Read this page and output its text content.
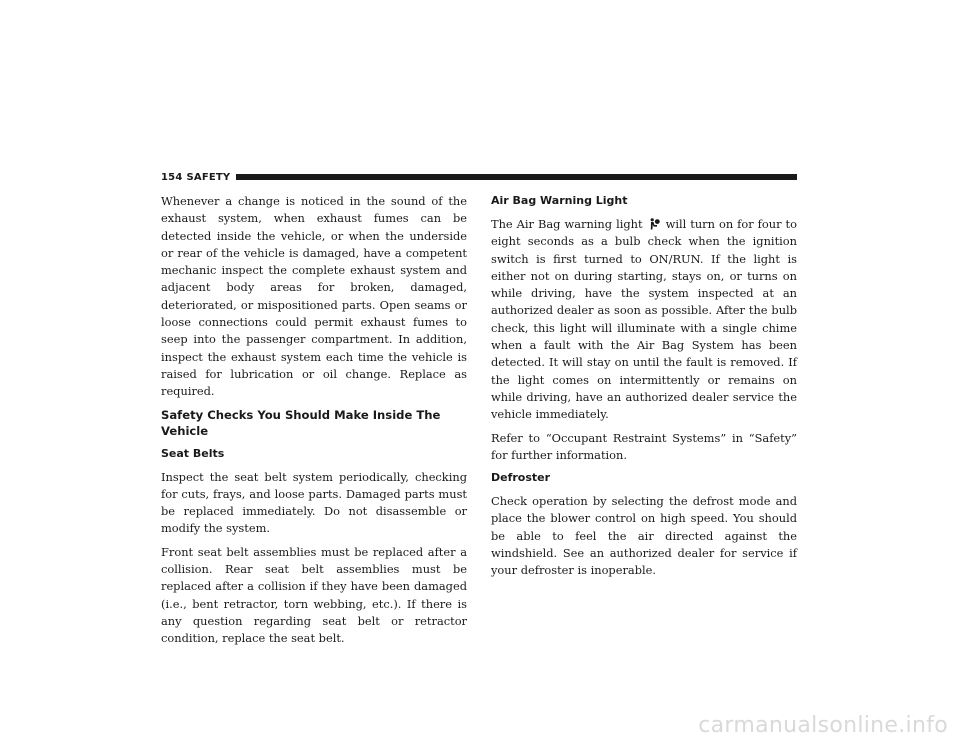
154 SAFETY

Whenever a change is noticed in the sound of the exhaust system, when exhaust fumes can be detected inside the vehicle, or when the underside or rear of the vehicle is damaged, have a competent mechanic inspect the complete exhaust system and adjacent body areas for broken, damaged, deteriorated, or mispositioned parts. Open seams or loose connections could permit exhaust fumes to seep into the passenger compartment. In addition, inspect the exhaust system each time the vehicle is raised for lubrication or oil change. Replace as required.

Safety Checks You Should Make Inside The Vehicle
Seat Belts

Inspect the seat belt system periodically, checking for cuts, frays, and loose parts. Damaged parts must be replaced immediately. Do not disassemble or modify the system.

Front seat belt assemblies must be replaced after a collision. Rear seat belt assemblies must be replaced after a collision if they have been damaged (i.e., bent retractor, torn webbing, etc.). If there is any question regarding seat belt or retractor condition, replace the seat belt.

Air Bag Warning Light

The Air Bag warning light  will turn on for four to eight seconds as a bulb check when the ignition switch is first turned to ON/RUN. If the light is either not on during starting, stays on, or turns on while driving, have the system inspected at an authorized dealer as soon as possible. After the bulb check, this light will illuminate with a single chime when a fault with the Air Bag System has been detected. It will stay on until the fault is removed. If the light comes on intermittently or remains on while driving, have an authorized dealer service the vehicle immediately.

Refer to “Occupant Restraint Systems” in “Safety” for further information.

Defroster

Check operation by selecting the defrost mode and place the blower control on high speed. You should be able to feel the air directed against the windshield. See an authorized dealer for service if your defroster is inoperable.

carmanualsonline.info
